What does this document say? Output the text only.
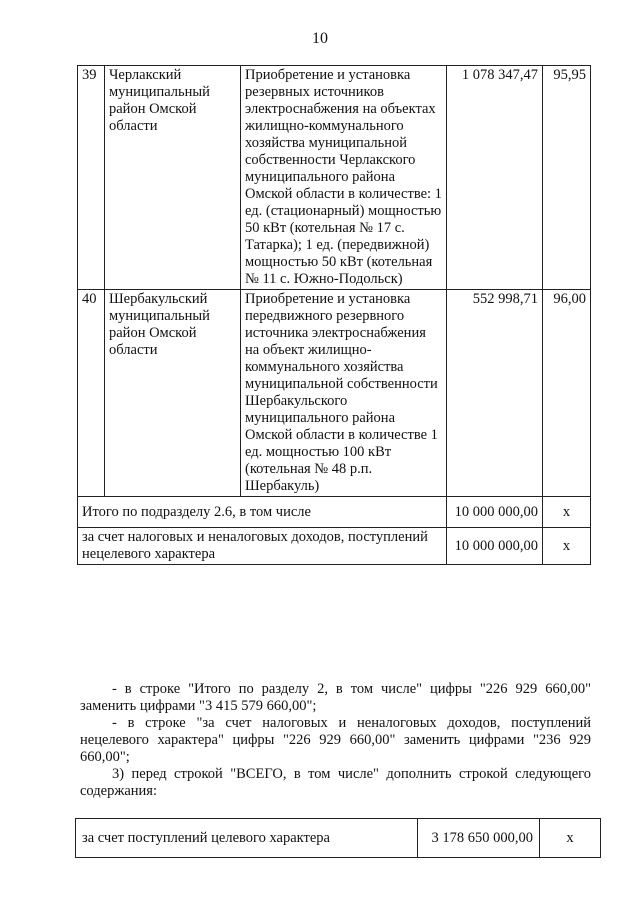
10
39	Черлакский муниципальный район Омской области	Приобретение и установка резервных источников электроснабжения на объектах жилищно-коммунального хозяйства муниципальной собственности Черлакского муниципального района Омской области в количестве: 1 ед. (стационарный) мощностью 50 кВт (котельная № 17 с. Татарка); 1 ед. (передвижной) мощностью 50 кВт (котельная № 11 с. Южно-Подольск)	1 078 347,47	95,95
40	Шербакульский муниципальный район Омской области	Приобретение и установка передвижного резервного источника электроснабжения на объект жилищно-коммунального хозяйства муниципальной собственности Шербакульского муниципального района Омской области в количестве 1 ед. мощностью 100 кВт (котельная № 48 р.п. Шербакуль)	552 998,71	96,00
Итого по подразделу 2.6, в том числе			10 000 000,00	x
за счет налоговых и неналоговых доходов, поступлений нецелевого характера			10 000 000,00	x
- в строке "Итого по разделу 2, в том числе" цифры "226 929 660,00" заменить цифрами "3 415 579 660,00";
- в строке "за счет налоговых и неналоговых доходов, поступлений нецелевого характера" цифры "226 929 660,00" заменить цифрами "236 929 660,00";
3) перед строкой "ВСЕГО, в том числе" дополнить строкой следующего содержания:
за счет поступлений целевого характера	3 178 650 000,00	x
